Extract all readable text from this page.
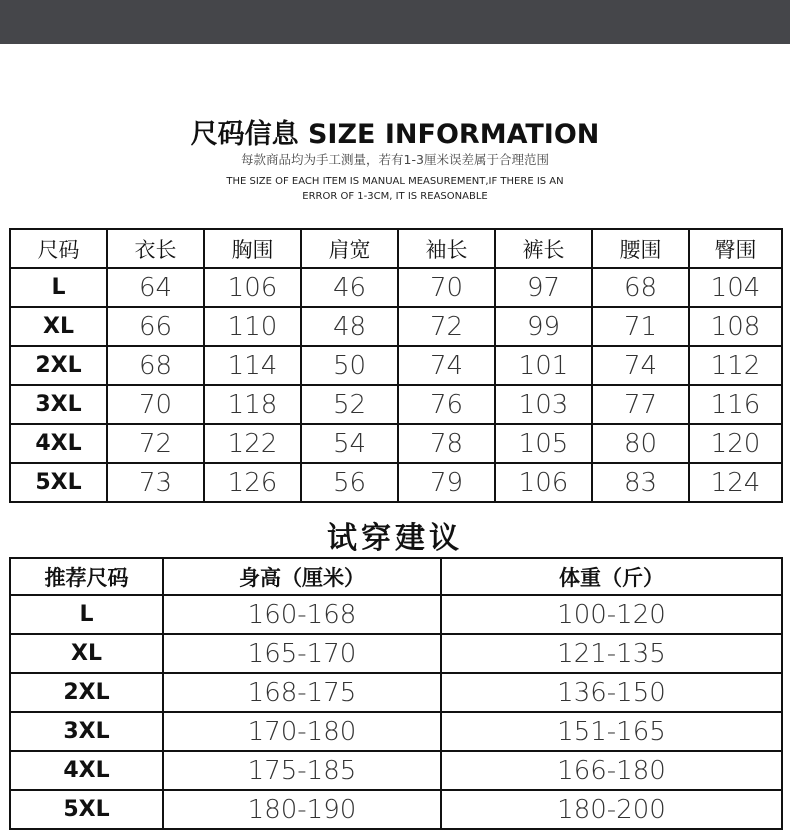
尺码信息 SIZE INFORMATION
每款商品均为手工测量，若有1-3厘米误差属于合理范围
THE SIZE OF EACH ITEM IS MANUAL MEASUREMENT,IF THERE IS AN
ERROR OF 1-3CM, IT IS REASONABLE
尺码	衣长	胸围	肩宽	袖长	裤长	腰围	臀围
L	64	106	46	70	97	68	104
XL	66	110	48	72	99	71	108
2XL	68	114	50	74	101	74	112
3XL	70	118	52	76	103	77	116
4XL	72	122	54	78	105	80	120
5XL	73	126	56	79	106	83	124
试穿建议
推荐尺码	身高（厘米）	体重（斤）
L	160-168	100-120
XL	165-170	121-135
2XL	168-175	136-150
3XL	170-180	151-165
4XL	175-185	166-180
5XL	180-190	180-200
